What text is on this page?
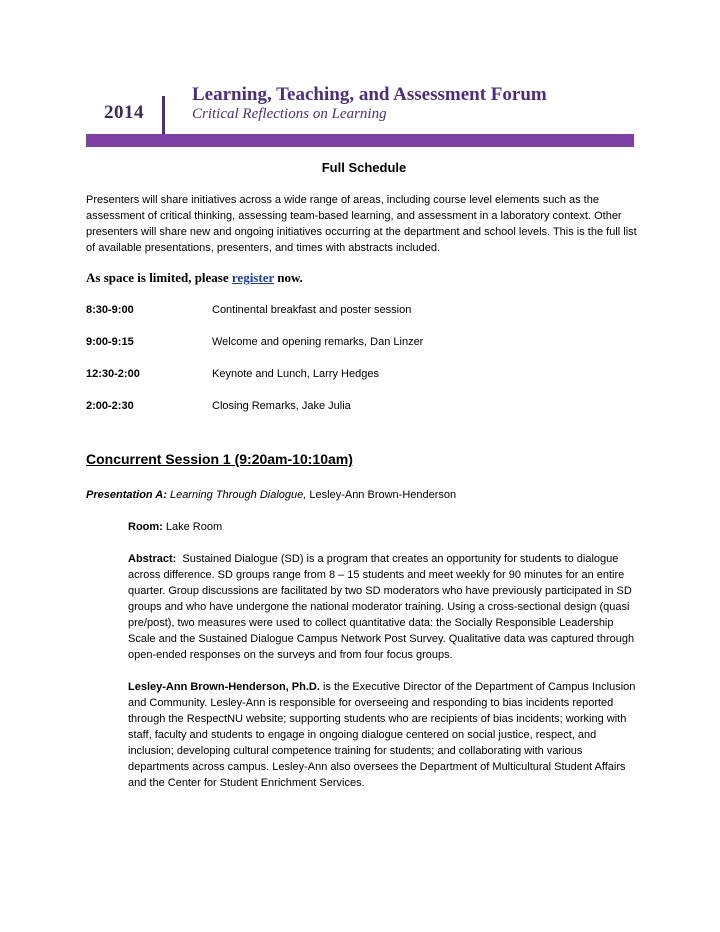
2014
Learning, Teaching, and Assessment Forum
Critical Reflections on Learning
Full Schedule

Presenters will share initiatives across a wide range of areas, including course level elements such as the assessment of critical thinking, assessing team-based learning, and assessment in a laboratory context. Other presenters will share new and ongoing initiatives occurring at the department and school levels. This is the full list of available presentations, presenters, and times with abstracts included.

As space is limited, please register now.

8:30-9:00	Continental breakfast and poster session
9:00-9:15	Welcome and opening remarks, Dan Linzer
12:30-2:00	Keynote and Lunch, Larry Hedges
2:00-2:30	Closing Remarks, Jake Julia
Concurrent Session 1 (9:20am-10:10am)

Presentation A: Learning Through Dialogue, Lesley-Ann Brown-Henderson

Room: Lake Room
Abstract: Sustained Dialogue (SD) is a program that creates an opportunity for students to dialogue across difference. SD groups range from 8 – 15 students and meet weekly for 90 minutes for an entire quarter. Group discussions are facilitated by two SD moderators who have previously participated in SD groups and who have undergone the national moderator training. Using a cross-sectional design (quasi pre/post), two measures were used to collect quantitative data: the Socially Responsible Leadership Scale and the Sustained Dialogue Campus Network Post Survey. Qualitative data was captured through open-ended responses on the surveys and from four focus groups.
Lesley-Ann Brown-Henderson, Ph.D. is the Executive Director of the Department of Campus Inclusion and Community. Lesley-Ann is responsible for overseeing and responding to bias incidents reported through the RespectNU website; supporting students who are recipients of bias incidents; working with staff, faculty and students to engage in ongoing dialogue centered on social justice, respect, and inclusion; developing cultural competence training for students; and collaborating with various departments across campus. Lesley-Ann also oversees the Department of Multicultural Student Affairs and the Center for Student Enrichment Services.
